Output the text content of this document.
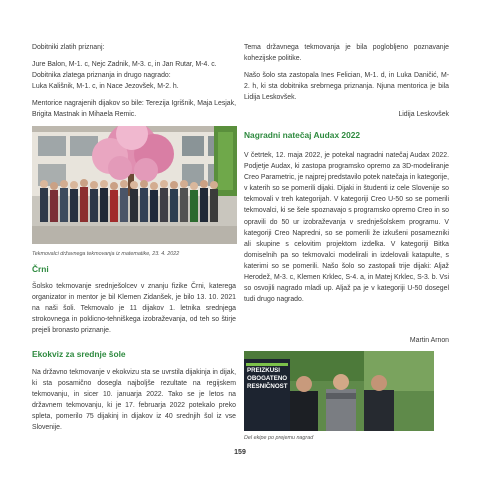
Dobitniki zlatih priznanj:

Jure Balon, M-1. c, Nejc Zadnik, M-3. c, in Jan Rutar, M-4. c.

Dobitnika zlatega priznanja in drugo nagrado:

Luka Kališnik, M-1. c, in Nace Jezovšek, M-2. h.

Mentorice nagrajenih dijakov so bile: Terezija Igrišnik, Maja Lesjak, Brigita Mastnak in Mihaela Remic.

Tekmovalci državnega tekmovanja iz matematike, 23. 4. 2022

Črni

Šolsko tekmovanje srednješolcev v znanju fizike Črni, katerega organizator in mentor je bil Klemen Zidanšek, je bilo 13. 10. 2021 na naši šoli. Tekmovalo je 11 dijakov 1. letnika srednjega strokovnega in poklicno-tehniškega izobraževanja, od teh so štirje prejeli bronasto priznanje.

Ekokviz za srednje šole

Na državno tekmovanje v ekokvizu sta se uvrstila dijakinja in dijak, ki sta posamično dosegla najboljše rezultate na regijskem tekmovanju, in sicer 10. januarja 2022. Tako se je letos na državnem tekmovanju, ki je 17. februarja 2022 potekalo preko spleta, pomerilo 75 dijakinj in dijakov iz 40 srednjih šol iz vse Slovenije.

Tema državnega tekmovanja je bila poglobljeno poznavanje kohezijske politike.

Našo šolo sta zastopala Ines Felician, M-1. d, in Luka Daničić, M-2. h, ki sta dobitnika srebrnega priznanja. Njuna mentorica je bila Lidija Leskovšek.

Lidija Leskovšek

Nagradni natečaj Audax 2022

V četrtek, 12. maja 2022, je potekal nagradni natečaj Audax 2022. Podjetje Audax, ki zastopa programsko opremo za 3D-modeliranje Creo Parametric, je najprej predstavilo potek natečaja in kategorije, v katerih so se pomerili dijaki. Dijaki in študenti iz cele Slovenije so tekmovali v treh kategorijah. V kategoriji Creo U-50 so se pomerili tekmovalci, ki se šele spoznavajo s programsko opremo Creo in so opravili do 50 ur izobraževanja v srednješolskem programu. V kategoriji Creo Napredni, so se pomerili že izkušeni posamezniki ali skupine s celovitim projektom izdelka. V kategoriji Bitka domiselnih pa so tekmovalci modelirali in izdelovali katapulte, s katerimi so se pomerili. Našo šolo so zastopali trije dijaki: Aljaž Herodež, M-3. c, Klemen Krklec, S-4. a, in Matej Krklec, S-3. b. Vsi so osvojili nagrado mladi up. Aljaž pa je v kategoriji U-50 dosegel tudi drugo nagrado.

Martin Arnon

PREIZKUSI OBOGATENO RESNIČNOST

Del ekipe po prejemu nagrad

159
